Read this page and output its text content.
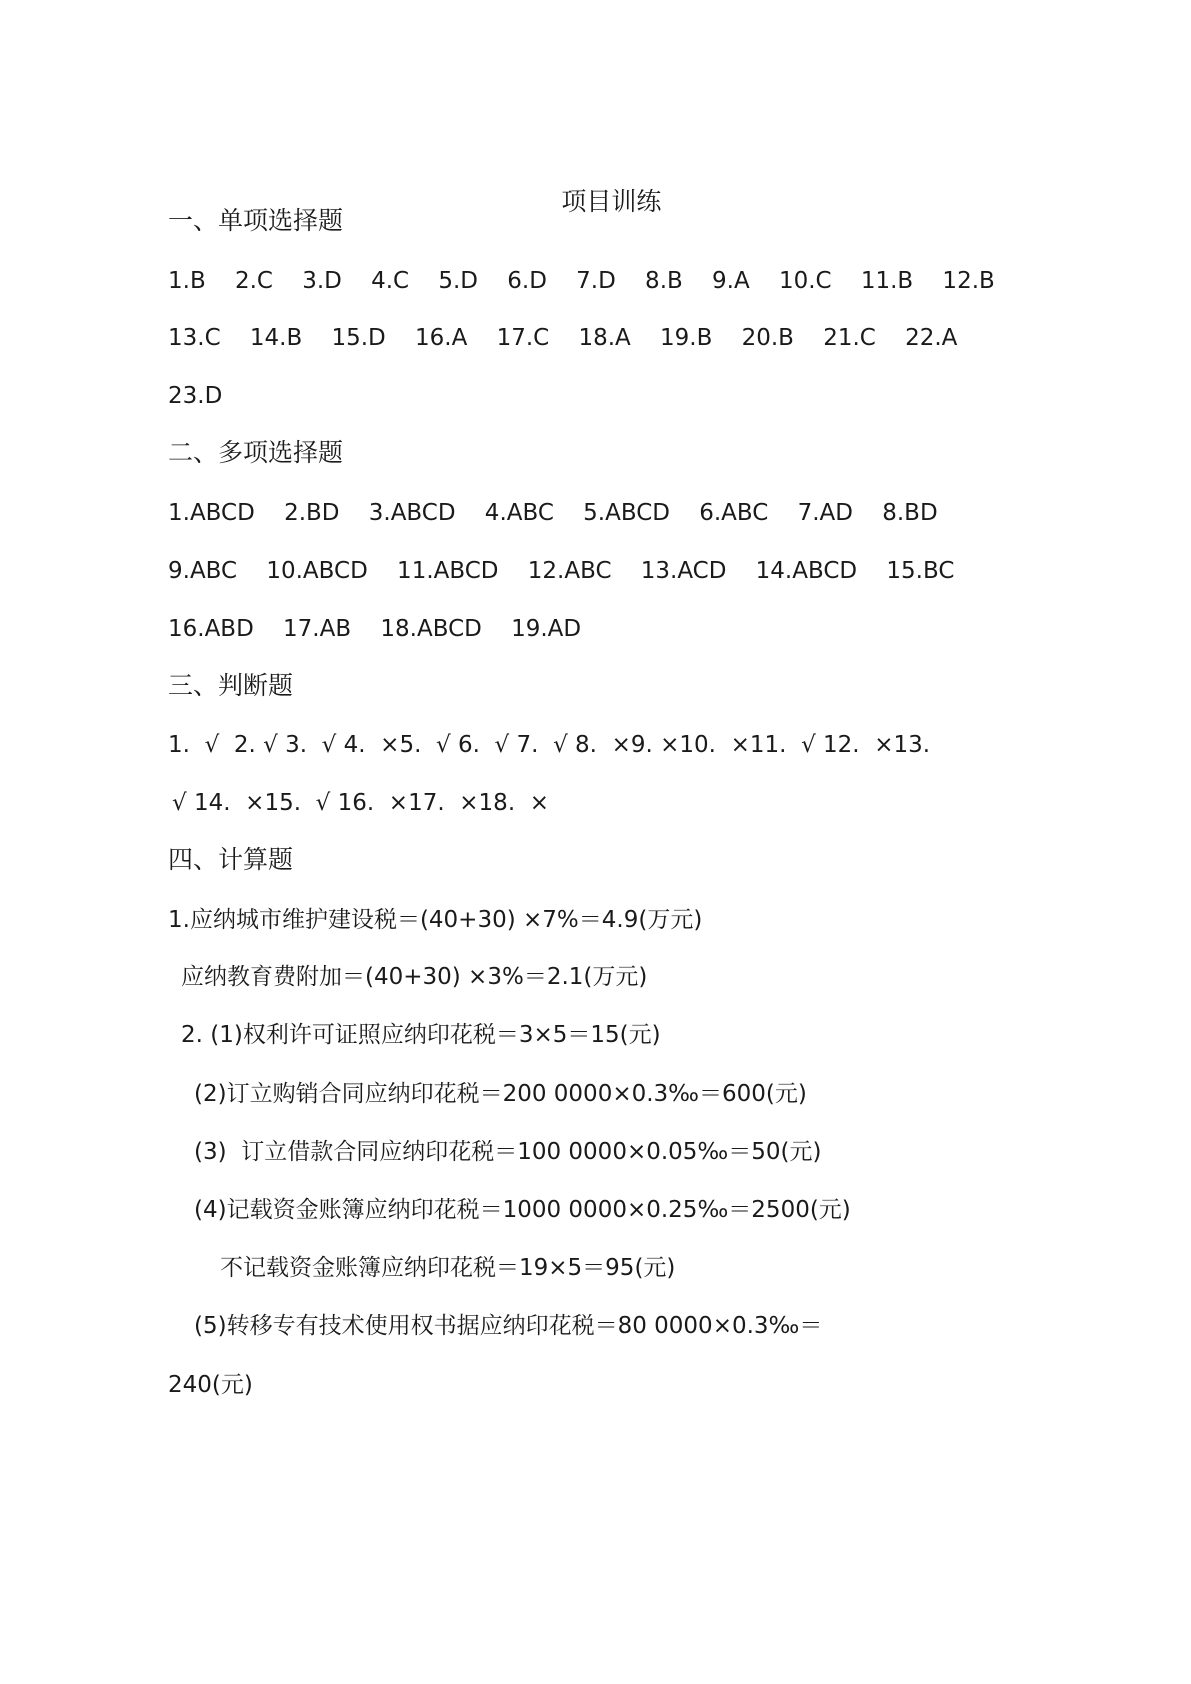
项目训练

一、单项选择题

1.B    2.C    3.D    4.C    5.D    6.D    7.D    8.B    9.A    10.C    11.B    12.B

13.C    14.B    15.D    16.A    17.C    18.A    19.B    20.B    21.C    22.A

23.D

二、多项选择题

1.ABCD    2.BD    3.ABCD    4.ABC    5.ABCD    6.ABC    7.AD    8.BD

9.ABC    10.ABCD    11.ABCD    12.ABC    13.ACD    14.ABCD    15.BC

16.ABD    17.AB    18.ABCD    19.AD

三、判断题

1.  √  2. √ 3.  √ 4.  ×5.  √ 6.  √ 7.  √ 8.  ×9. ×10.  ×11.  √ 12.  ×13.

√ 14.  ×15.  √ 16.  ×17.  ×18.  ×

四、计算题

1.应纳城市维护建设税＝(40+30) ×7%＝4.9(万元)

应纳教育费附加＝(40+30) ×3%＝2.1(万元)

2. (1)权利许可证照应纳印花税＝3×5＝15(元)

(2)订立购销合同应纳印花税＝200 0000×0.3‰＝600(元)

(3)  订立借款合同应纳印花税＝100 0000×0.05‰＝50(元)

(4)记载资金账簿应纳印花税＝1000 0000×0.25‰＝2500(元)

不记载资金账簿应纳印花税＝19×5＝95(元)

(5)转移专有技术使用权书据应纳印花税＝80 0000×0.3‰＝

240(元)
